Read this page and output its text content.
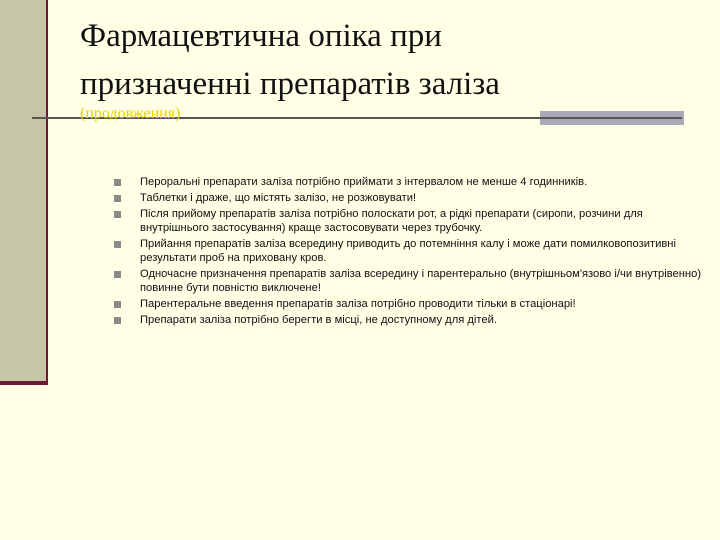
Фармацевтична опіка при
призначенні препаратів заліза
(продовження)
Пероральні препарати заліза потрібно приймати з інтервалом не менше 4 годинників.
Таблетки і драже, що містять залізо, не розжовувати!
Після прийому препаратів заліза потрібно полоскати рот, а рідкі препарати (сиропи, розчини для внутрішнього застосування) краще застосовувати через трубочку.
Прийання препаратів заліза всередину приводить до потемніння калу і може дати помилковопозитивні результати проб на приховану кров.
Одночасне призначення препаратів заліза всередину і парентерально (внутрішньом'язово і/чи внутрівенно) повинне бути повністю виключене!
Парентеральне введення препаратів заліза потрібно проводити тільки в стаціонарі!
Препарати заліза потрібно берегти в місці, не доступному для дітей.
